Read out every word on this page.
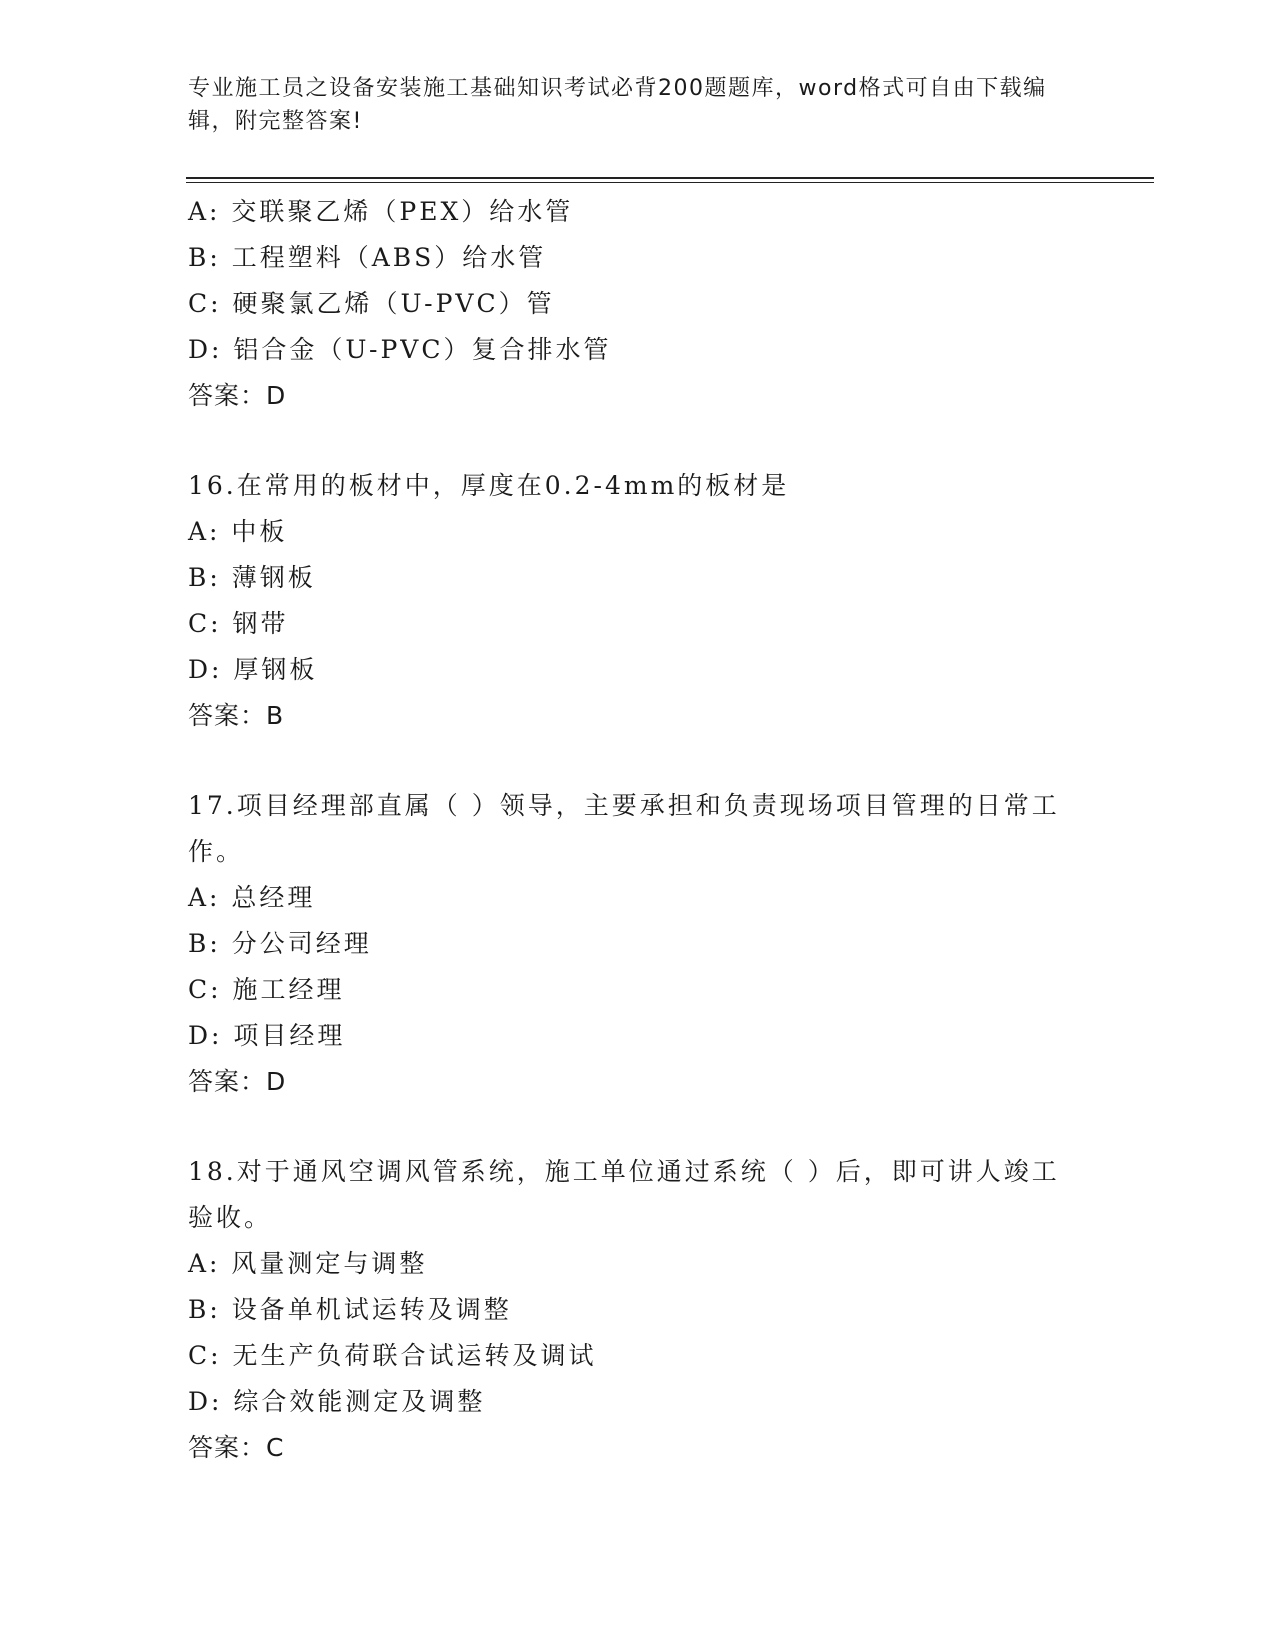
专业施工员之设备安装施工基础知识考试必背200题题库，word格式可自由下载编辑，附完整答案!
A: 交联聚乙烯（PEX）给水管
B: 工程塑料（ABS）给水管
C: 硬聚氯乙烯（U-PVC）管
D: 铝合金（U-PVC）复合排水管
答案：D
16.在常用的板材中，厚度在0.2-4mm的板材是
A: 中板
B: 薄钢板
C: 钢带
D: 厚钢板
答案：B
17.项目经理部直属（ ）领导，主要承担和负责现场项目管理的日常工作。
A: 总经理
B: 分公司经理
C: 施工经理
D: 项目经理
答案：D
18.对于通风空调风管系统，施工单位通过系统（ ）后，即可讲人竣工验收。
A: 风量测定与调整
B: 设备单机试运转及调整
C: 无生产负荷联合试运转及调试
D: 综合效能测定及调整
答案：C
